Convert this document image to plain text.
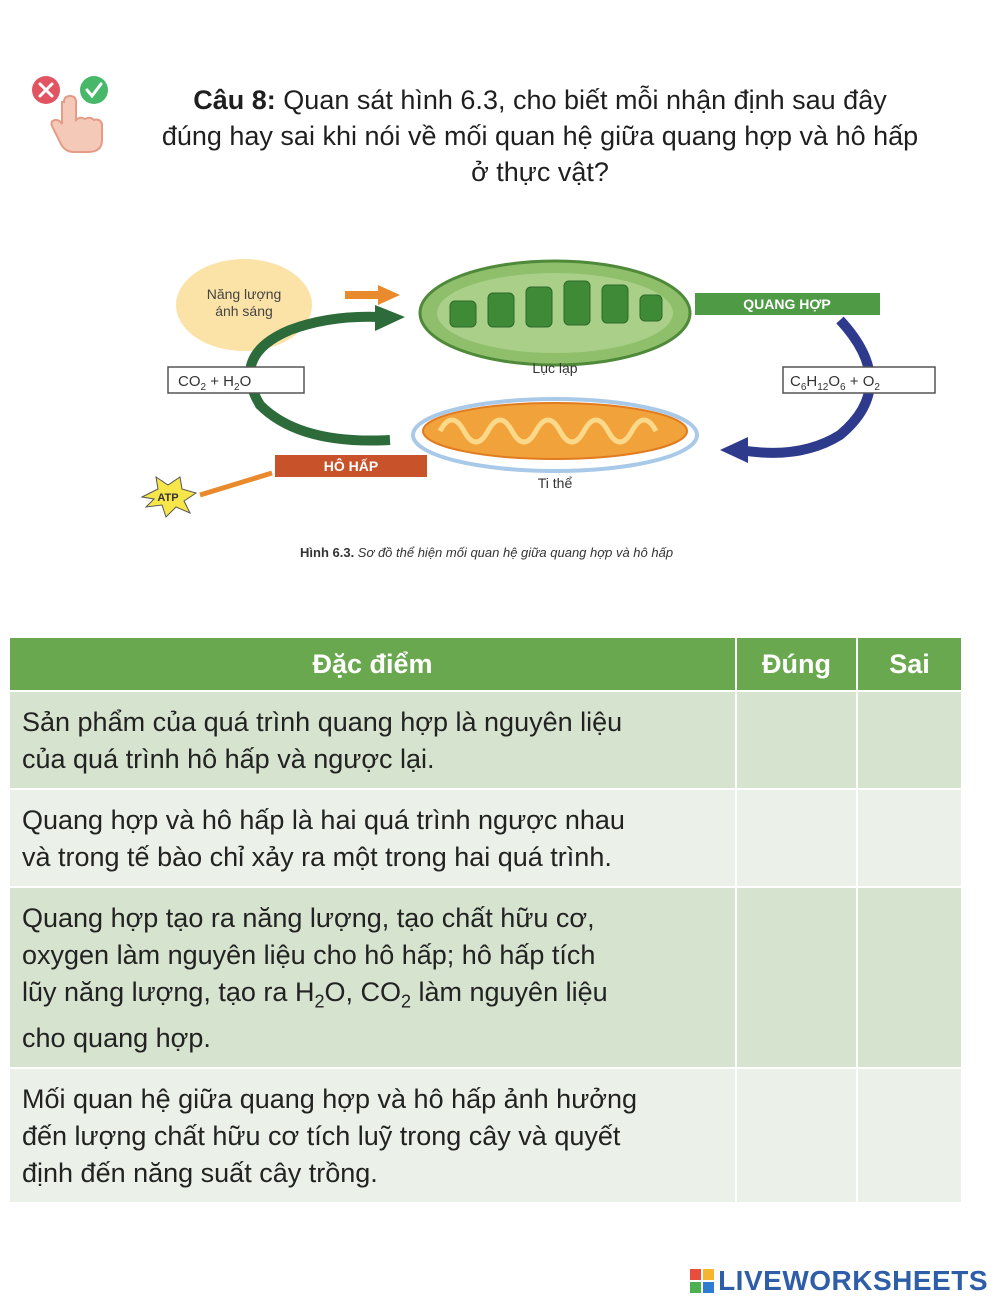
Câu 8: Quan sát hình 6.3, cho biết mỗi nhận định sau đây
đúng hay sai khi nói về mối quan hệ giữa quang hợp và hô hấp
ở thực vật?
Năng lượng
ánh sáng
Lục lạp
QUANG HỢP
$C_6H_{12}O_6 + O_2$
Ti thể
$CO_2 + H_2O$
HÔ HẤP
ATP
Hình 6.3. Sơ đồ thể hiện mối quan hệ giữa quang hợp và hô hấp
Đặc điểm	Đúng	Sai

Sản phẩm của quá trình quang hợp là nguyên liệu
của quá trình hô hấp và ngược lại.		

Quang hợp và hô hấp là hai quá trình ngược nhau
và trong tế bào chỉ xảy ra một trong hai quá trình.		

Quang hợp tạo ra năng lượng, tạo chất hữu cơ,
oxygen làm nguyên liệu cho hô hấp; hô hấp tích
lũy năng lượng, tạo ra $H_2O$, $CO_2$ làm nguyên liệu
cho quang hợp.		

Mối quan hệ giữa quang hợp và hô hấp ảnh hưởng
đến lượng chất hữu cơ tích luỹ trong cây và quyết
định đến năng suất cây trồng.		

LIVEWORKSHEETS
